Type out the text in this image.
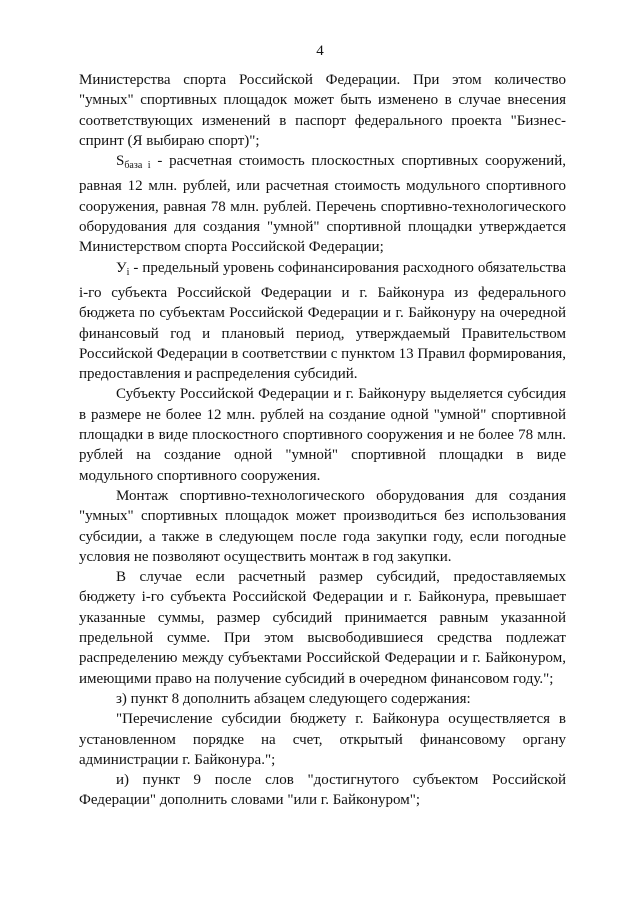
4

Министерства спорта Российской Федерации. При этом количество "умных" спортивных площадок может быть изменено в случае внесения соответствующих изменений в паспорт федерального проекта "Бизнес-спринт (Я выбираю спорт)";

$S_{база i}$ - расчетная стоимость плоскостных спортивных сооружений, равная 12 млн. рублей, или расчетная стоимость модульного спортивного сооружения, равная 78 млн. рублей. Перечень спортивно-технологического оборудования для создания "умной" спортивной площадки утверждается Министерством спорта Российской Федерации;

$У_i$ - предельный уровень софинансирования расходного обязательства i-го субъекта Российской Федерации и г. Байконура из федерального бюджета по субъектам Российской Федерации и г. Байконуру на очередной финансовый год и плановый период, утверждаемый Правительством Российской Федерации в соответствии с пунктом 13 Правил формирования, предоставления и распределения субсидий.

Субъекту Российской Федерации и г. Байконуру выделяется субсидия в размере не более 12 млн. рублей на создание одной "умной" спортивной площадки в виде плоскостного спортивного сооружения и не более 78 млн. рублей на создание одной "умной" спортивной площадки в виде модульного спортивного сооружения.

Монтаж спортивно-технологического оборудования для создания "умных" спортивных площадок может производиться без использования субсидии, а также в следующем после года закупки году, если погодные условия не позволяют осуществить монтаж в год закупки.

В случае если расчетный размер субсидий, предоставляемых бюджету i-го субъекта Российской Федерации и г. Байконура, превышает указанные суммы, размер субсидий принимается равным указанной предельной сумме. При этом высвободившиеся средства подлежат распределению между субъектами Российской Федерации и г. Байконуром, имеющими право на получение субсидий в очередном финансовом году.";

з) пункт 8 дополнить абзацем следующего содержания:

"Перечисление субсидии бюджету г. Байконура осуществляется в установленном порядке на счет, открытый финансовому органу администрации г. Байконура.";

и) пункт 9 после слов "достигнутого субъектом Российской Федерации" дополнить словами "или г. Байконуром";
